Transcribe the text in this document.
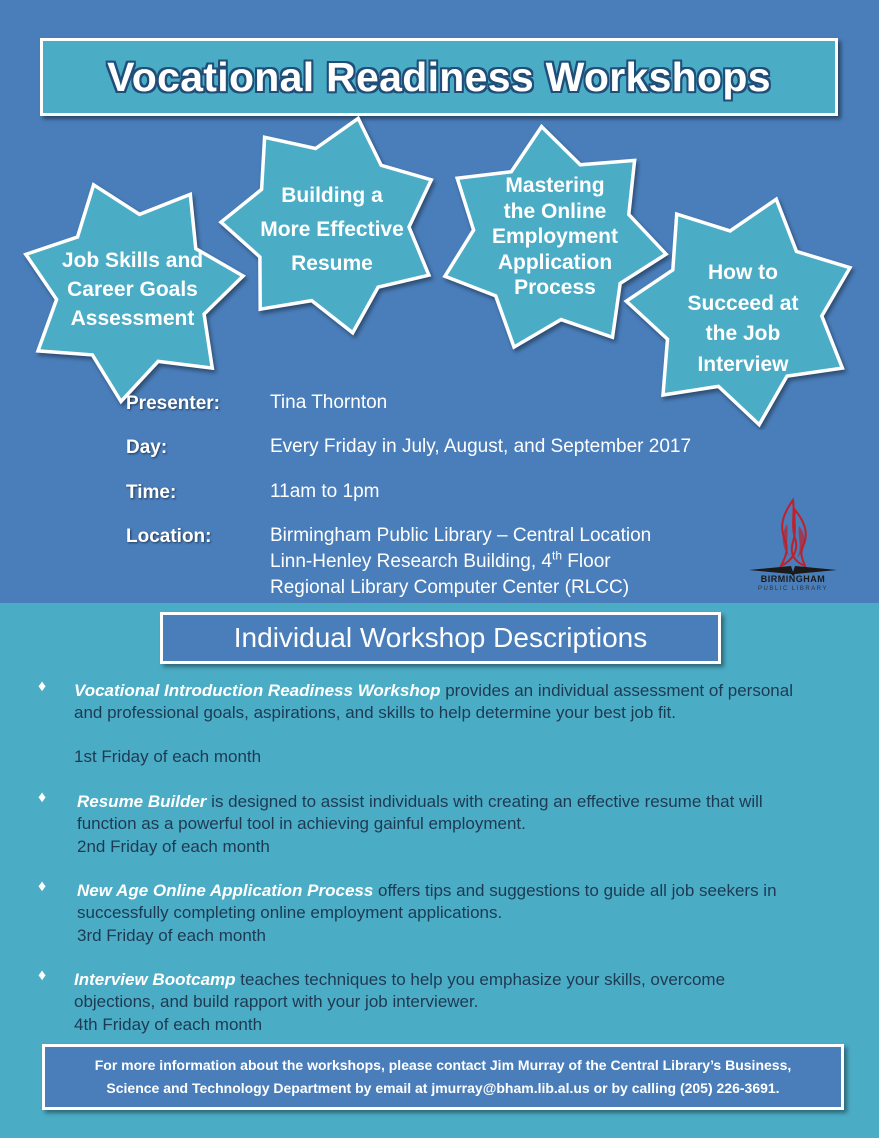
Vocational Readiness Workshops
Job Skills and
Career Goals
Assessment
Building a
More Effective
Resume
Mastering
the Online
Employment
Application
Process
How to
Succeed at
the Job
Interview
Presenter:	Tina Thornton
Day:	Every Friday in July, August, and September 2017
Time:	11am to 1pm
Location:	Birmingham Public Library – Central Location
Linn-Henley Research Building, 4th Floor
Regional Library Computer Center (RLCC)	BIRMINGHAM
PUBLIC LIBRARY
Individual Workshop Descriptions
♦ Vocational Introduction Readiness Workshop provides an individual assessment of personal and professional goals, aspirations, and skills to help determine your best job fit.
1st Friday of each month
♦ Resume Builder is designed to assist individuals with creating an effective resume that will function as a powerful tool in achieving gainful employment.
2nd Friday of each month
♦ New Age Online Application Process offers tips and suggestions to guide all job seekers in successfully completing online employment applications.
3rd Friday of each month
♦ Interview Bootcamp teaches techniques to help you emphasize your skills, overcome objections, and build rapport with your job interviewer.
4th Friday of each month

For more information about the workshops, please contact Jim Murray of the Central Library’s Business,
Science and Technology Department by email at jmurray@bham.lib.al.us or by calling (205) 226-3691.
